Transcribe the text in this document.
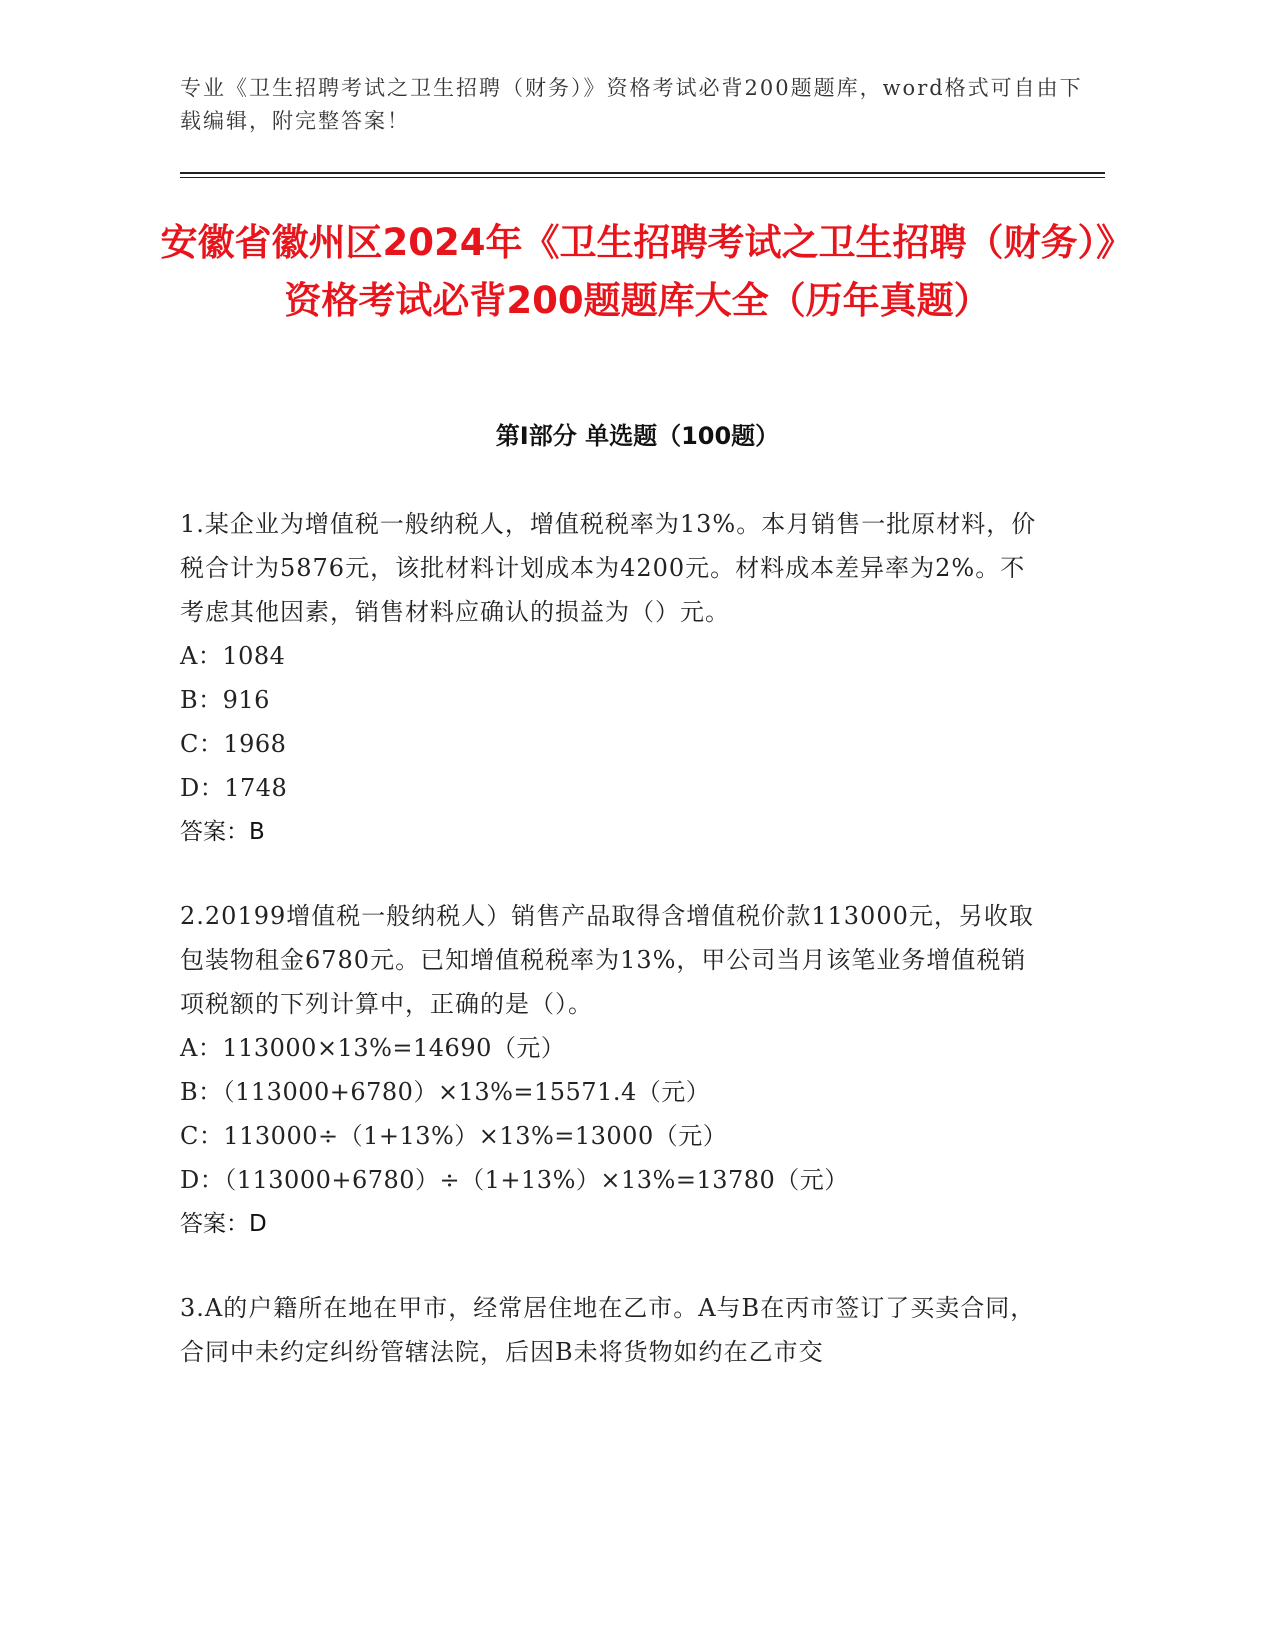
专业《卫生招聘考试之卫生招聘（财务）》资格考试必背200题题库，word格式可自由下载编辑，附完整答案！
安徽省徽州区2024年《卫生招聘考试之卫生招聘（财务）》资格考试必背200题题库大全（历年真题）
第Ⅰ部分 单选题（100题）

1.某企业为增值税一般纳税人，增值税税率为13%。本月销售一批原材料，价税合计为5876元，该批材料计划成本为4200元。材料成本差异率为2%。不考虑其他因素，销售材料应确认的损益为（）元。

A：1084

B：916

C：1968

D：1748

答案：B

2.20199增值税一般纳税人）销售产品取得含增值税价款113000元，另收取包装物租金6780元。已知增值税税率为13%，甲公司当月该笔业务增值税销项税额的下列计算中，正确的是（）。

A：113000×13%=14690（元）

B：（113000+6780）×13%=15571.4（元）

C：113000÷（1+13%）×13%=13000（元）

D：（113000+6780）÷（1+13%）×13%=13780（元）

答案：D

3.A的户籍所在地在甲市，经常居住地在乙市。A与B在丙市签订了买卖合同，合同中未约定纠纷管辖法院，后因B未将货物如约在乙市交
